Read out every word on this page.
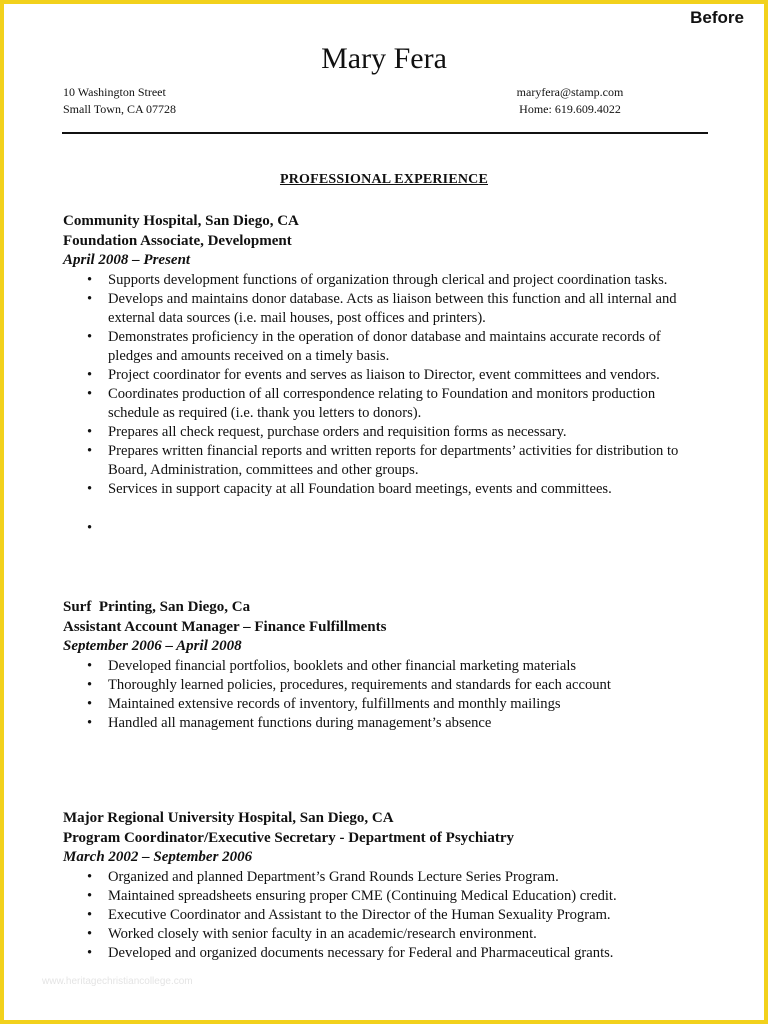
Before
Mary Fera
10 Washington Street
Small Town, CA 07728
maryfera@stamp.com
Home: 619.609.4022
PROFESSIONAL EXPERIENCE
Community Hospital, San Diego, CA
Foundation Associate, Development
April 2008 – Present
• Supports development functions of organization through clerical and project coordination tasks.
• Develops and maintains donor database. Acts as liaison between this function and all internal and external data sources (i.e. mail houses, post offices and printers).
• Demonstrates proficiency in the operation of donor database and maintains accurate records of pledges and amounts received on a timely basis.
• Project coordinator for events and serves as liaison to Director, event committees and vendors.
• Coordinates production of all correspondence relating to Foundation and monitors production schedule as required (i.e. thank you letters to donors).
• Prepares all check request, purchase orders and requisition forms as necessary.
• Prepares written financial reports and written reports for departments’ activities for distribution to Board, Administration, committees and other groups.
• Services in support capacity at all Foundation board meetings, events and committees.
•
Surf  Printing, San Diego, Ca
Assistant Account Manager – Finance Fulfillments
September 2006 – April 2008
• Developed financial portfolios, booklets and other financial marketing materials
• Thoroughly learned policies, procedures, requirements and standards for each account
• Maintained extensive records of inventory, fulfillments and monthly mailings
• Handled all management functions during management’s absence
Major Regional University Hospital, San Diego, CA
Program Coordinator/Executive Secretary - Department of Psychiatry
March 2002 – September 2006
• Organized and planned Department’s Grand Rounds Lecture Series Program.
• Maintained spreadsheets ensuring proper CME (Continuing Medical Education) credit.
• Executive Coordinator and Assistant to the Director of the Human Sexuality Program.
• Worked closely with senior faculty in an academic/research environment.
• Developed and organized documents necessary for Federal and Pharmaceutical grants.
www.heritagechristiancollege.com
